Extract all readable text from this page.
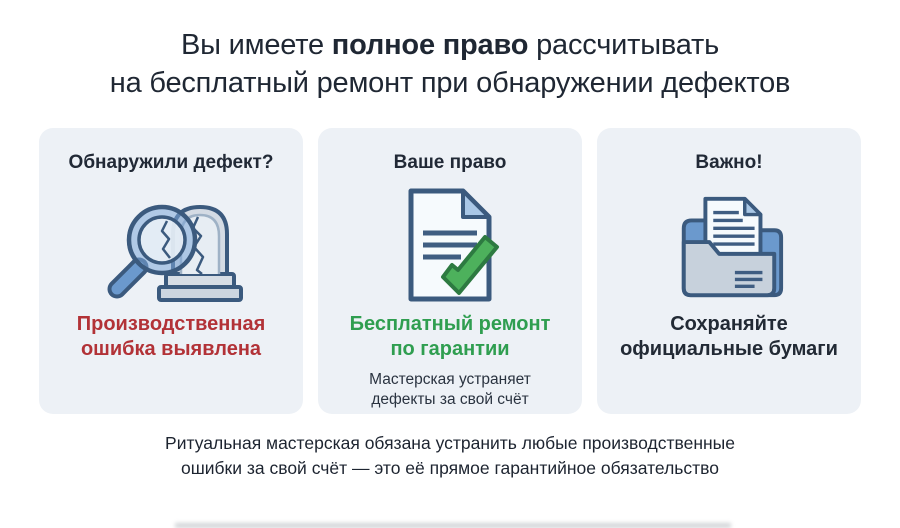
Вы имеете полное право рассчитывать
на бесплатный ремонт при обнаружении дефектов
Обнаружили дефект?
Производственная ошибка выявлена
Ваше право
Бесплатный ремонт по гарантии
Мастерская устраняет дефекты за свой счёт
Важно!
Сохраняйте официальные бумаги
Ритуальная мастерская обязана устранить любые производственные
ошибки за свой счёт — это её прямое гарантийное обязательство
